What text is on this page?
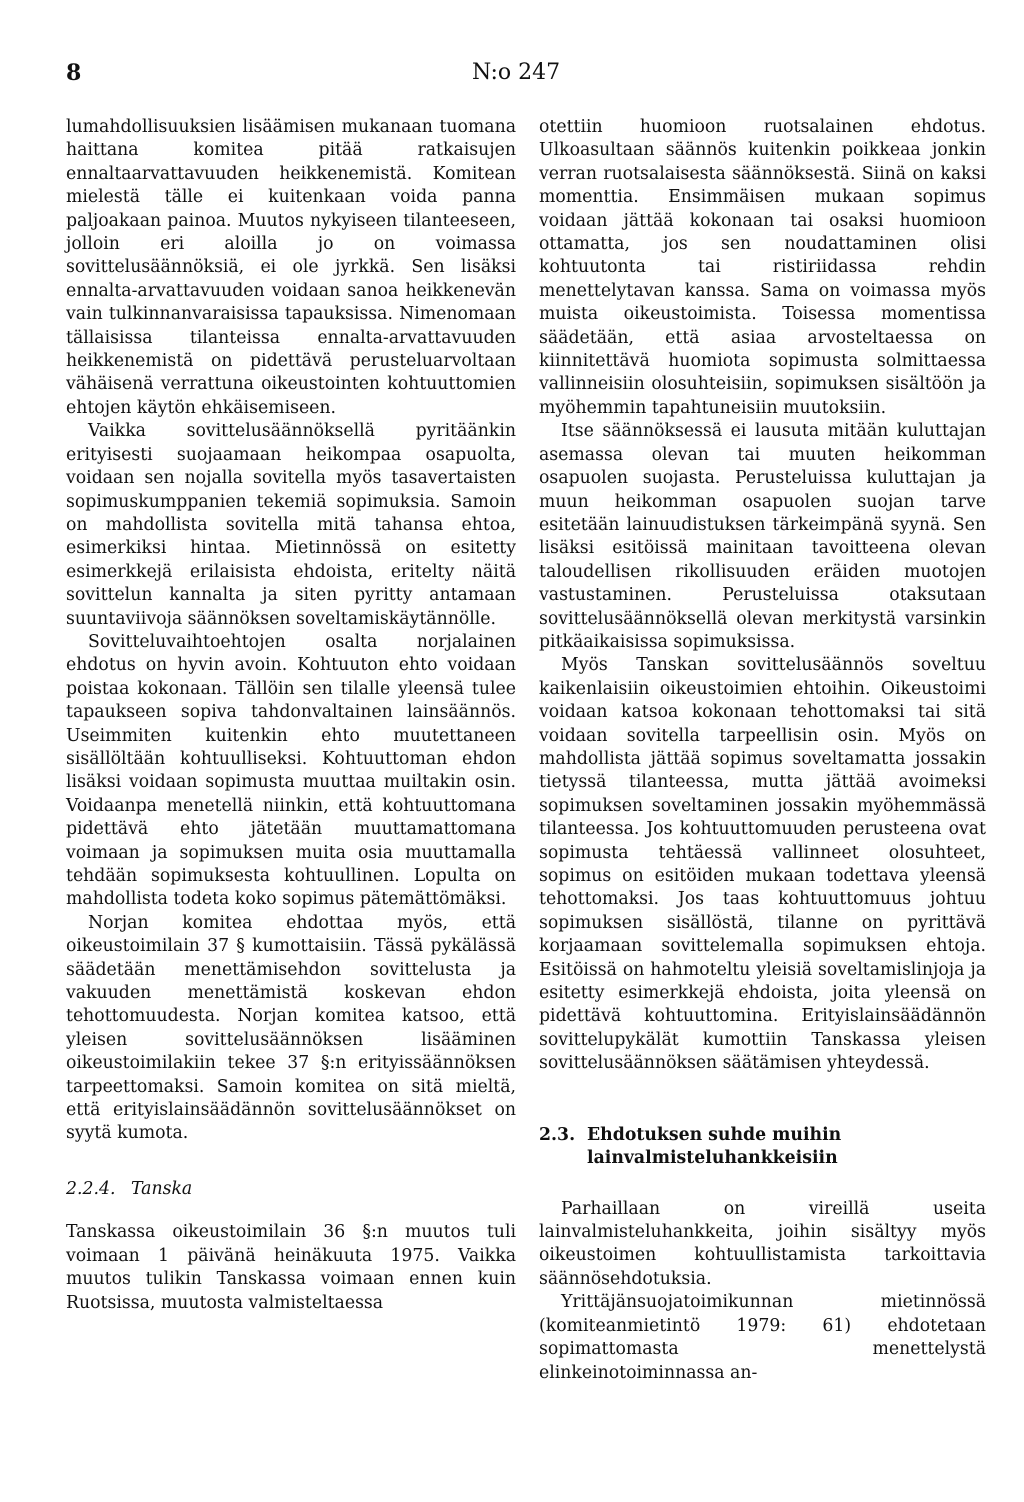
8	N:o 247

lumahdollisuuksien lisäämisen mukanaan tuomana haittana komitea pitää ratkaisujen ennaltaarvattavuuden heikkenemistä. Komitean mielestä tälle ei kuitenkaan voida panna paljoakaan painoa. Muutos nykyiseen tilanteeseen, jolloin eri aloilla jo on voimassa sovittelusäännöksiä, ei ole jyrkkä. Sen lisäksi ennalta-arvattavuuden voidaan sanoa heikkenevän vain tulkinnanvaraisissa tapauksissa. Nimenomaan tällaisissa tilanteissa ennalta-arvattavuuden heikkenemistä on pidettävä perusteluarvoltaan vähäisenä verrattuna oikeustointen kohtuuttomien ehtojen käytön ehkäisemiseen.

Vaikka sovittelusäännöksellä pyritäänkin erityisesti suojaamaan heikompaa osapuolta, voidaan sen nojalla sovitella myös tasavertaisten sopimuskumppanien tekemiä sopimuksia. Samoin on mahdollista sovitella mitä tahansa ehtoa, esimerkiksi hintaa. Mietinnössä on esitetty esimerkkejä erilaisista ehdoista, eritelty näitä sovittelun kannalta ja siten pyritty antamaan suuntaviivoja säännöksen soveltamiskäytännölle.

Sovitteluvaihtoehtojen osalta norjalainen ehdotus on hyvin avoin. Kohtuuton ehto voidaan poistaa kokonaan. Tällöin sen tilalle yleensä tulee tapaukseen sopiva tahdonvaltainen lainsäännös. Useimmiten kuitenkin ehto muutettaneen sisällöltään kohtuulliseksi. Kohtuuttoman ehdon lisäksi voidaan sopimusta muuttaa muiltakin osin. Voidaanpa menetellä niinkin, että kohtuuttomana pidettävä ehto jätetään muuttamattomana voimaan ja sopimuksen muita osia muuttamalla tehdään sopimuksesta kohtuullinen. Lopulta on mahdollista todeta koko sopimus pätemättömäksi.

Norjan komitea ehdottaa myös, että oikeustoimilain 37 § kumottaisiin. Tässä pykälässä säädetään menettämisehdon sovittelusta ja vakuuden menettämistä koskevan ehdon tehottomuudesta. Norjan komitea katsoo, että yleisen sovittelusäännöksen lisääminen oikeustoimilakiin tekee 37 §:n erityissäännöksen tarpeettomaksi. Samoin komitea on sitä mieltä, että erityislainsäädännön sovittelusäännökset on syytä kumota.

2.2.4. Tanska

Tanskassa oikeustoimilain 36 §:n muutos tuli voimaan 1 päivänä heinäkuuta 1975. Vaikka muutos tulikin Tanskassa voimaan ennen kuin Ruotsissa, muutosta valmisteltaessa

otettiin huomioon ruotsalainen ehdotus. Ulkoasultaan säännös kuitenkin poikkeaa jonkin verran ruotsalaisesta säännöksestä. Siinä on kaksi momenttia. Ensimmäisen mukaan sopimus voidaan jättää kokonaan tai osaksi huomioon ottamatta, jos sen noudattaminen olisi kohtuutonta tai ristiriidassa rehdin menettelytavan kanssa. Sama on voimassa myös muista oikeustoimista. Toisessa momentissa säädetään, että asiaa arvosteltaessa on kiinnitettävä huomiota sopimusta solmittaessa vallinneisiin olosuhteisiin, sopimuksen sisältöön ja myöhemmin tapahtuneisiin muutoksiin.

Itse säännöksessä ei lausuta mitään kuluttajan asemassa olevan tai muuten heikomman osapuolen suojasta. Perusteluissa kuluttajan ja muun heikomman osapuolen suojan tarve esitetään lainuudistuksen tärkeimpänä syynä. Sen lisäksi esitöissä mainitaan tavoitteena olevan taloudellisen rikollisuuden eräiden muotojen vastustaminen. Perusteluissa otaksutaan sovittelusäännöksellä olevan merkitystä varsinkin pitkäaikaisissa sopimuksissa.

Myös Tanskan sovittelusäännös soveltuu kaikenlaisiin oikeustoimien ehtoihin. Oikeustoimi voidaan katsoa kokonaan tehottomaksi tai sitä voidaan sovitella tarpeellisin osin. Myös on mahdollista jättää sopimus soveltamatta jossakin tietyssä tilanteessa, mutta jättää avoimeksi sopimuksen soveltaminen jossakin myöhemmässä tilanteessa. Jos kohtuuttomuuden perusteena ovat sopimusta tehtäessä vallinneet olosuhteet, sopimus on esitöiden mukaan todettava yleensä tehottomaksi. Jos taas kohtuuttomuus johtuu sopimuksen sisällöstä, tilanne on pyrittävä korjaamaan sovittelemalla sopimuksen ehtoja. Esitöissä on hahmoteltu yleisiä soveltamislinjoja ja esitetty esimerkkejä ehdoista, joita yleensä on pidettävä kohtuuttomina. Erityislainsäädännön sovittelupykälät kumottiin Tanskassa yleisen sovittelusäännöksen säätämisen yhteydessä.

2.3. Ehdotuksen suhde muihin lainvalmisteluhankkeisiin

Parhaillaan on vireillä useita lainvalmisteluhankkeita, joihin sisältyy myös oikeustoimen kohtuullistamista tarkoittavia säännösehdotuksia.

Yrittäjänsuojatoimikunnan mietinnössä (komiteanmietintö 1979: 61) ehdotetaan sopimattomasta menettelystä elinkeinotoiminnassa an-
